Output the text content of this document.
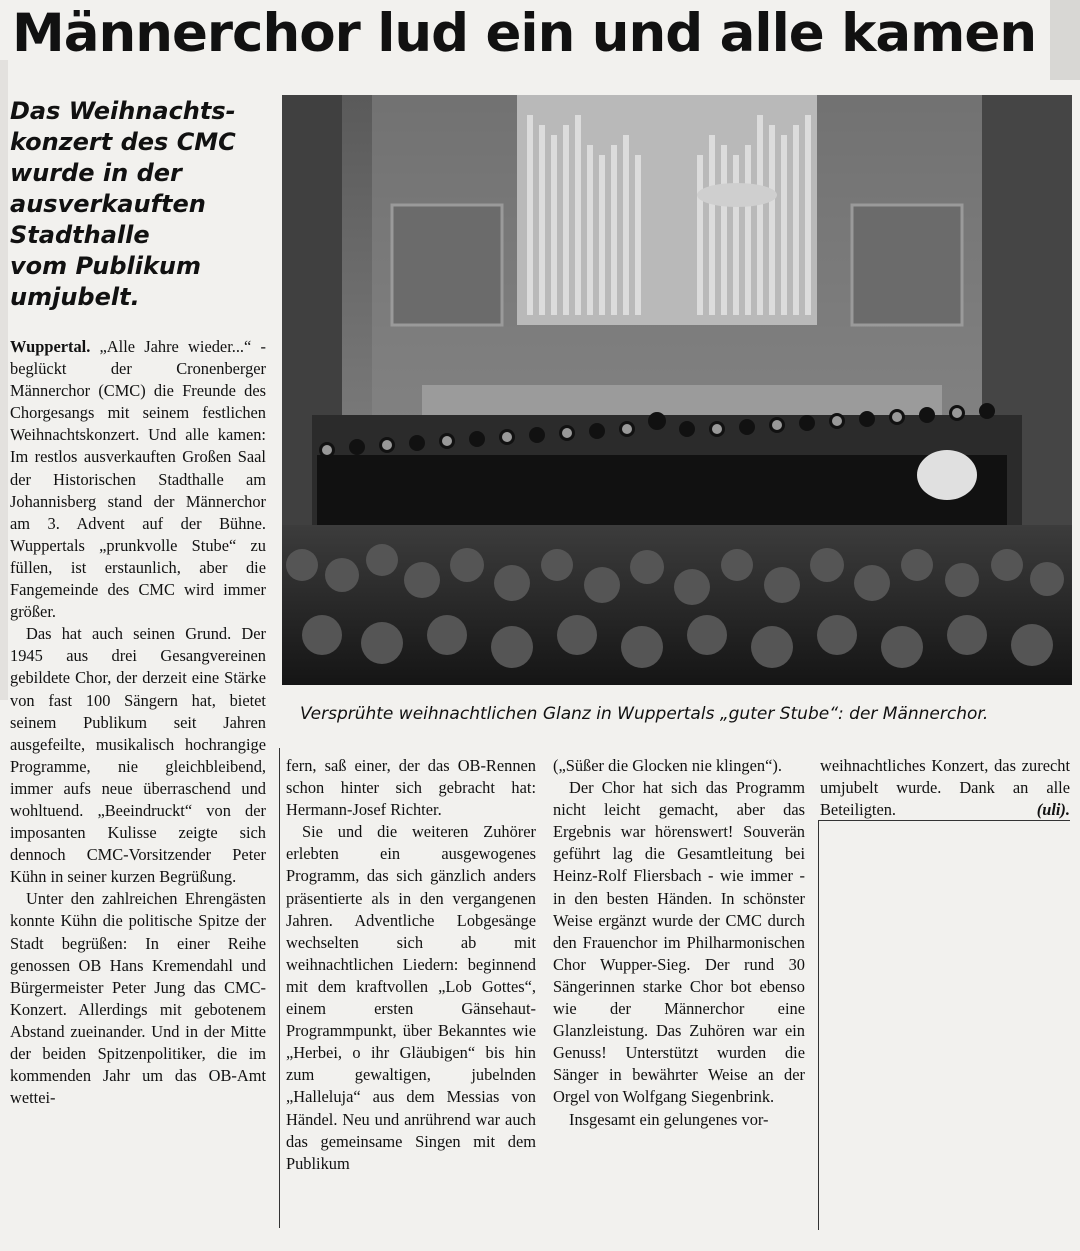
Männerchor lud ein und alle kamen
Das Weihnachts-
konzert des CMC
wurde in der
ausverkauften
Stadthalle
vom Publikum
umjubelt.
Versprühte weihnachtlichen Glanz in Wuppertals „guter Stube“: der Männerchor.

Wuppertal. „Alle Jahre wieder...“ - beglückt der Cronenberger Männerchor (CMC) die Freunde des Chorgesangs mit seinem festlichen Weihnachtskonzert. Und alle kamen: Im restlos ausverkauften Großen Saal der Historischen Stadthalle am Johannisberg stand der Männerchor am 3. Advent auf der Bühne. Wuppertals „prunkvolle Stube“ zu füllen, ist erstaunlich, aber die Fangemeinde des CMC wird immer größer.

Das hat auch seinen Grund. Der 1945 aus drei Gesangvereinen gebildete Chor, der derzeit eine Stärke von fast 100 Sängern hat, bietet seinem Publikum seit Jahren ausgefeilte, musikalisch hochrangige Programme, nie gleichbleibend, immer aufs neue überraschend und wohltuend. „Beeindruckt“ von der imposanten Kulisse zeigte sich dennoch CMC-Vorsitzender Peter Kühn in seiner kurzen Begrüßung.

Unter den zahlreichen Ehrengästen konnte Kühn die politische Spitze der Stadt begrüßen: In einer Reihe genossen OB Hans Kremendahl und Bürgermeister Peter Jung das CMC-Konzert. Allerdings mit gebotenem Abstand zueinander. Und in der Mitte der beiden Spitzenpolitiker, die im kommenden Jahr um das OB-Amt wettei-

fern, saß einer, der das OB-Rennen schon hinter sich gebracht hat: Hermann-Josef Richter.

Sie und die weiteren Zuhörer erlebten ein ausgewogenes Programm, das sich gänzlich anders präsentierte als in den vergangenen Jahren. Adventliche Lobgesänge wechselten sich ab mit weihnachtlichen Liedern: beginnend mit dem kraftvollen „Lob Gottes“, einem ersten Gänsehaut-Programmpunkt, über Bekanntes wie „Herbei, o ihr Gläubigen“ bis hin zum gewaltigen, jubelnden „Halleluja“ aus dem Messias von Händel. Neu und anrührend war auch das gemeinsame Singen mit dem Publikum

(„Süßer die Glocken nie klingen“).

Der Chor hat sich das Programm nicht leicht gemacht, aber das Ergebnis war hörenswert! Souverän geführt lag die Gesamtleitung bei Heinz-Rolf Fliersbach - wie immer - in den besten Händen. In schönster Weise ergänzt wurde der CMC durch den Frauenchor im Philharmonischen Chor Wupper-Sieg. Der rund 30 Sängerinnen starke Chor bot ebenso wie der Männerchor eine Glanzleistung. Das Zuhören war ein Genuss! Unterstützt wurden die Sänger in bewährter Weise an der Orgel von Wolfgang Siegenbrink.

Insgesamt ein gelungenes vor-

weihnachtliches Konzert, das zurecht umjubelt wurde. Dank an alle Beteiligten.	(uli).
